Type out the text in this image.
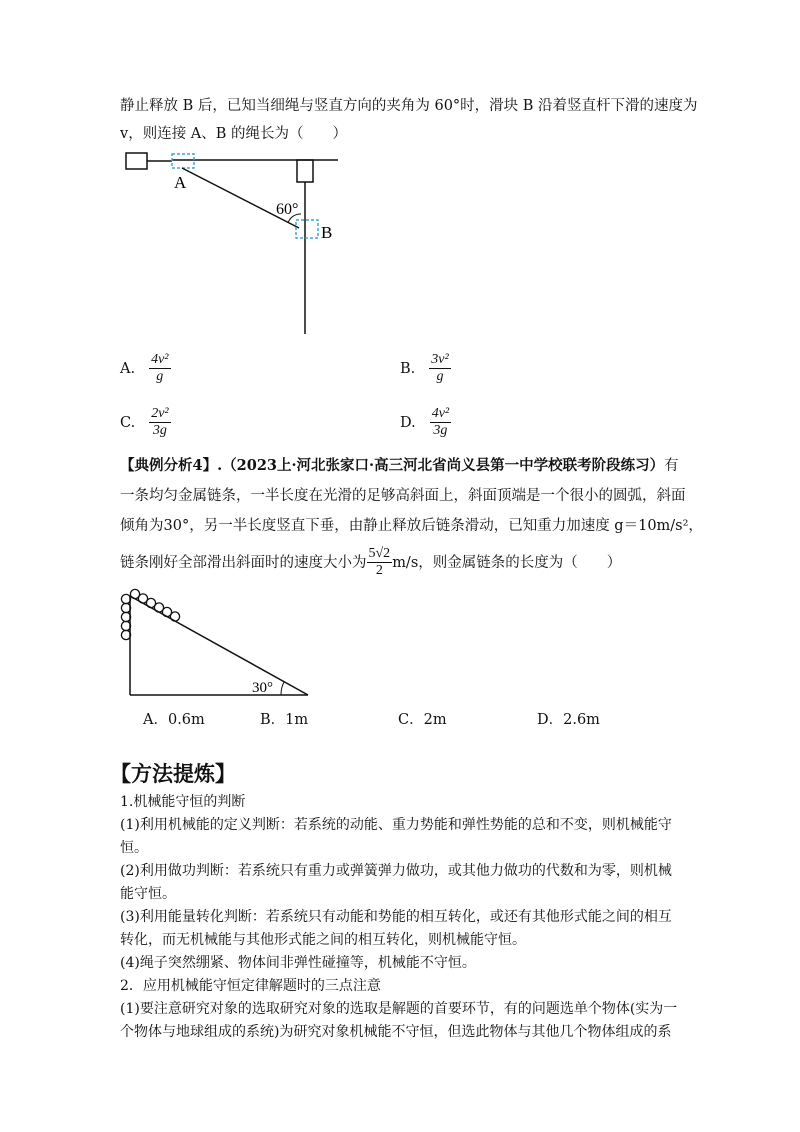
静止释放 B 后，已知当细绳与竖直方向的夹角为 60°时，滑块 B 沿着竖直杆下滑的速度为
v，则连接 A、B 的绳长为（　　）
A
60°
B
A. $\frac{\text{4v²}}{g}$	B. $\frac{\text{3v²}}{g}$
C. $\frac{\text{2v²}}{3g}$	D. $\frac{\text{4v²}}{3g}$
【典例分析4】.（2023上·河北张家口·高三河北省尚义县第一中学校联考阶段练习）有
一条均匀金属链条，一半长度在光滑的足够高斜面上，斜面顶端是一个很小的圆弧，斜面
倾角为30°，另一半长度竖直下垂，由静止释放后链条滑动，已知重力加速度 g＝10m/s²，
链条刚好全部滑出斜面时的速度大小为 $\frac{5√2}{2} m/s$，则金属链条的长度为（　　）
30°
A．0.6m	B．1m	C．2m	D．2.6m
【方法提炼】
1.机械能守恒的判断
(1)利用机械能的定义判断：若系统的动能、重力势能和弹性势能的总和不变，则机械能守
恒。
(2)利用做功判断：若系统只有重力或弹簧弹力做功，或其他力做功的代数和为零，则机械
能守恒。
(3)利用能量转化判断：若系统只有动能和势能的相互转化，或还有其他形式能之间的相互
转化，而无机械能与其他形式能之间的相互转化，则机械能守恒。
(4)绳子突然绷紧、物体间非弹性碰撞等，机械能不守恒。
2．应用机械能守恒定律解题时的三点注意
(1)要注意研究对象的选取研究对象的选取是解题的首要环节，有的问题选单个物体(实为一
个物体与地球组成的系统)为研究对象机械能不守恒，但选此物体与其他几个物体组成的系
